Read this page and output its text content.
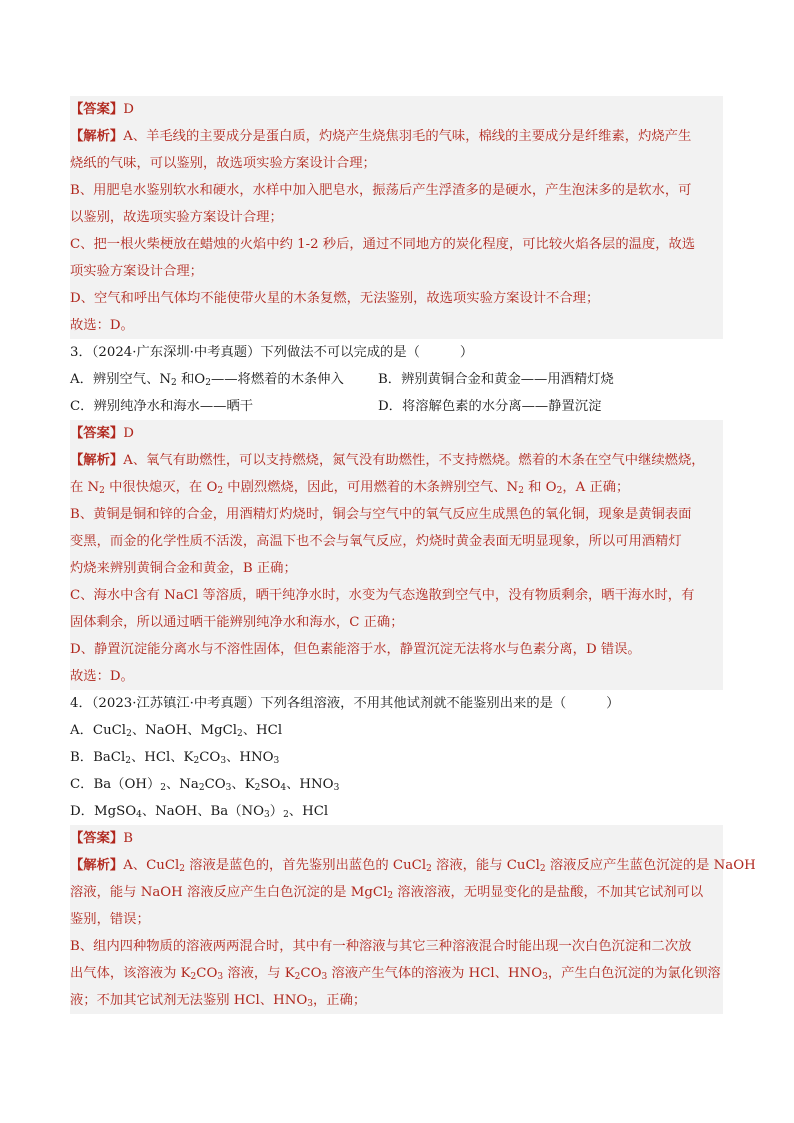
【答案】D
【解析】A、羊毛线的主要成分是蛋白质，灼烧产生烧焦羽毛的气味，棉线的主要成分是纤维素，灼烧产生
烧纸的气味，可以鉴别，故选项实验方案设计合理；
B、用肥皂水鉴别软水和硬水，水样中加入肥皂水，振荡后产生浮渣多的是硬水，产生泡沫多的是软水，可
以鉴别，故选项实验方案设计合理；
C、把一根火柴梗放在蜡烛的火焰中约 1-2 秒后，通过不同地方的炭化程度，可比较火焰各层的温度，故选
项实验方案设计合理；
D、空气和呼出气体均不能使带火星的木条复燃，无法鉴别，故选项实验方案设计不合理；
故选：D。
3．（2024·广东深圳·中考真题）下列做法不可以完成的是（　　　）
A．辨别空气、$N_2$ 和$O_2——$将燃着的木条伸入	B．辨别黄铜合金和黄金——用酒精灯烧
C．辨别纯净水和海水——晒干	D．将溶解色素的水分离——静置沉淀
【答案】D
【解析】A、氧气有助燃性，可以支持燃烧，氮气没有助燃性，不支持燃烧。燃着的木条在空气中继续燃烧，
在 $N_2$ 中很快熄灭，在 $O_2$ 中剧烈燃烧，因此，可用燃着的木条辨别空气、$N_2$ 和 $O_2$，A 正确；
B、黄铜是铜和锌的合金，用酒精灯灼烧时，铜会与空气中的氧气反应生成黑色的氧化铜，现象是黄铜表面
变黑，而金的化学性质不活泼，高温下也不会与氧气反应，灼烧时黄金表面无明显现象，所以可用酒精灯
灼烧来辨别黄铜合金和黄金，B 正确；
C、海水中含有 NaCl 等溶质，晒干纯净水时，水变为气态逸散到空气中，没有物质剩余，晒干海水时，有
固体剩余，所以通过晒干能辨别纯净水和海水，C 正确；
D、静置沉淀能分离水与不溶性固体，但色素能溶于水，静置沉淀无法将水与色素分离，D 错误。
故选：D。
4．（2023·江苏镇江·中考真题）下列各组溶液，不用其他试剂就不能鉴别出来的是（　　　）
A．CuCl$_2$、NaOH、MgCl$_2$、HCl
B．BaCl$_2$、HCl、$K_2CO_3$、$HNO_3$
C．$Ba(OH)_2$、$Na_2CO_3$、$K_2SO_4$、$HNO_3$
D．MgSO$_4$、NaOH、$Ba(NO_3)_2$、HCl
【答案】B
【解析】A、CuCl$_2$ 溶液是蓝色的，首先鉴别出蓝色的 CuCl$_2$ 溶液，能与 CuCl$_2$ 溶液反应产生蓝色沉淀的是 NaOH
溶液，能与 NaOH 溶液反应产生白色沉淀的是 MgCl$_2$ 溶液溶液，无明显变化的是盐酸，不加其它试剂可以
鉴别，错误；
B、组内四种物质的溶液两两混合时，其中有一种溶液与其它三种溶液混合时能出现一次白色沉淀和二次放
出气体，该溶液为 $K_2CO_3$ 溶液，与 $K_2CO_3$ 溶液产生气体的溶液为 HCl、$HNO_3$，产生白色沉淀的为氯化钡溶
液；不加其它试剂无法鉴别 HCl、$HNO_3$，正确；
